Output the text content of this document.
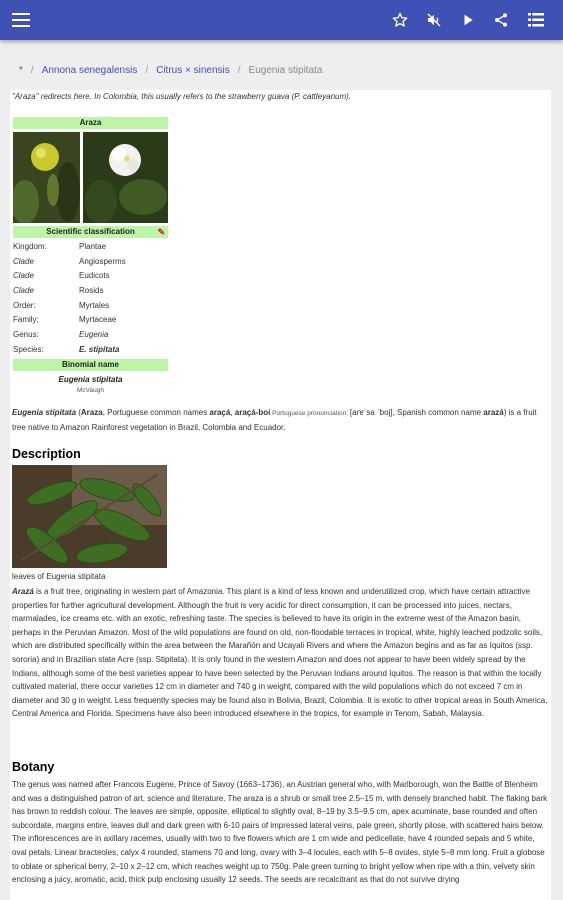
* / Annona senegalensis / Citrus × sinensis / Eugenia stipitata
"Araza" redirects here. In Colombia, this usually refers to the strawberry guava (P. cattleyanum).
Araza
Scientific classification	✎
Kingdom:	Plantae
Clade	Angiosperms
Clade	Eudicots
Clade	Rosids
Order:	Myrtales
Family:	Myrtaceae
Genus:	Eugenia
Species:	E. stipitata
Binomial name
Eugenia stipitata
McVaugh
Eugenia stipitata (Araza, Portuguese common names araçá, araçá-boi Portuguese pronunciation: [aɾɐˈsa ˈboj], Spanish common name arazá) is a fruit tree native to Amazon Rainforest vegetation in Brazil, Colombia and Ecuador.
Description
leaves of Eugenia stipitata
Arazá is a fruit tree, originating in western part of Amazonia. This plant is a kind of less known and underutilized crop, which have certain attractive properties for further agricultural development. Although the fruit is very acidic for direct consumption, it can be processed into juices, nectars, marmalades, ice creams etc. with an exotic, refreshing taste. The species is believed to have its origin in the extreme west of the Amazon basin, perhaps in the Peruvian Amazon. Most of the wild populations are found on old, non-floodable terraces in tropical, white, highly leached podzolic soils, which are distributed specifically within the area between the Marañón and Ucayali Rivers and where the Amazon begins and as far as Iquitos (ssp. sororia) and in Brazilian state Acre (ssp. Stipitata). It is only found in the western Amazon and does not appear to have been widely spread by the Indians, although some of the best varieties appear to have been selected by the Peruvian Indians around Iquitos. The reason is that within the locally cultivated material, there occur varieties 12 cm in diameter and 740 g in weight, compared with the wild populations which do not exceed 7 cm in diameter and 30 g in weight. Less frequently species may be found also in Bolivia, Brazil, Colombia. It is exotic to other tropical areas in South America, Central America and Florida. Specimens have also been introduced elsewhere in the tropics, for example in Tenom, Sabah, Malaysia.
Botany
The genus was named after Francois Eugene, Prince of Savoy (1663–1736), an Austrian general who, with Marlborough, won the Battle of Blenheim and was a distinguished patron of art, science and literature. The araza is a shrub or small tree 2.5–15 m, with densely branched habit. The flaking bark has brown to reddish colour. The leaves are simple, opposite, elliptical to slightly oval, 8–19 by 3.5–9.5 cm, apex acuminate, base rounded and often subcordate, margins entire, leaves dull and dark green with 6-10 pairs of impressed lateral veins, pale green, shortly pilose, with scattered hairs below. The inflorescences are in axillary racemes, usually with two to five flowers which are 1 cm wide and pedicellate, have 4 rounded sepals and 5 white, oval petals. Linear bracteoles, calyx 4 rounded, stamens 70 and long, ovary with 3–4 locules, each with 5–8 ovules, style 5–8 mm long. Fruit a globose to oblate or spherical berry, 2–10 x 2–12 cm, which reaches weight up to 750g. Pale green turning to bright yellow when ripe with a thin, velvety skin enclosing a juicy, aromatic, acid, thick pulp enclosing usually 12 seeds. The seeds are recalcitrant as that do not survive drying
